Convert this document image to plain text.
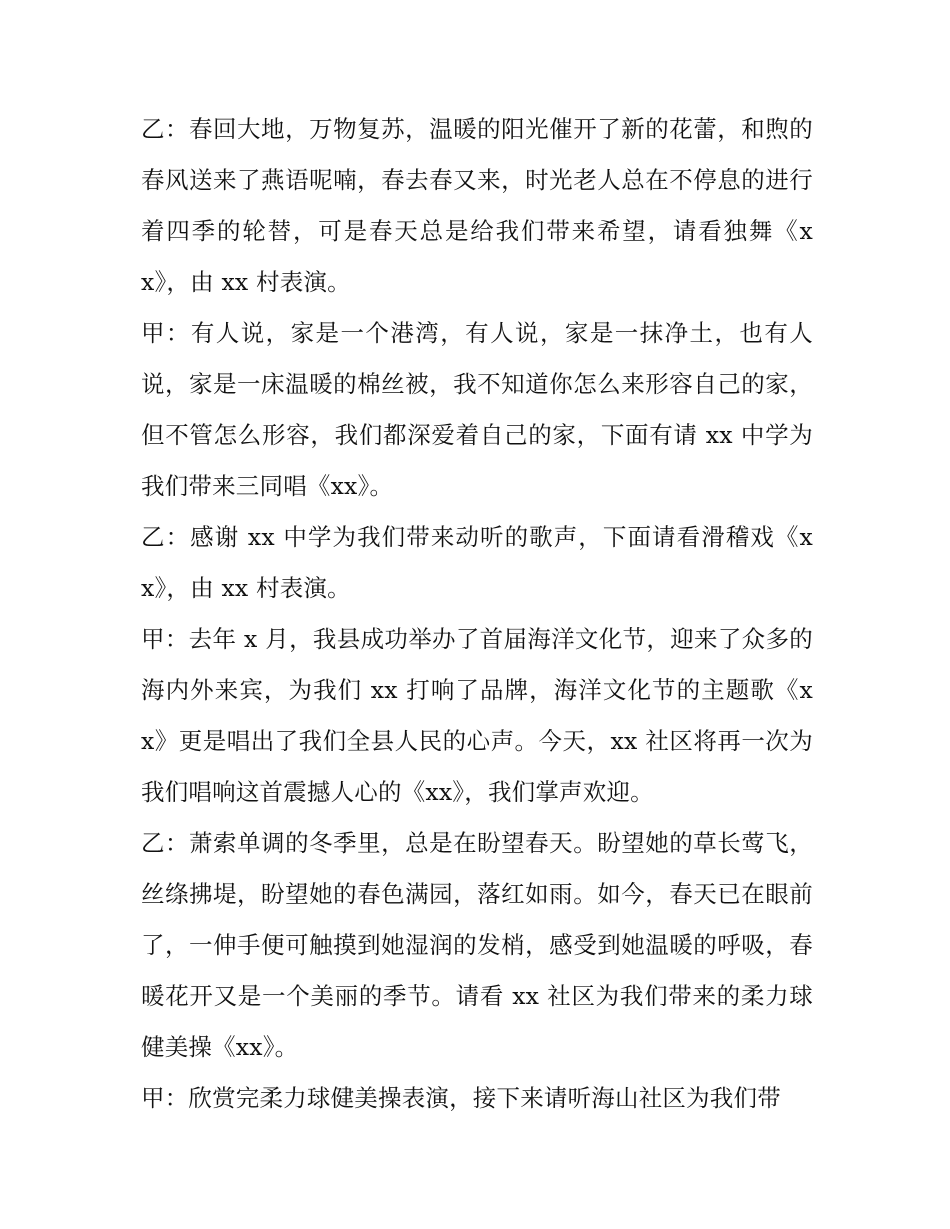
乙：春回大地，万物复苏，温暖的阳光催开了新的花蕾，和煦的春风送来了燕语呢喃，春去春又来，时光老人总在不停息的进行着四季的轮替，可是春天总是给我们带来希望，请看独舞《xx》，由 xx 村表演。

甲：有人说，家是一个港湾，有人说，家是一抹净土，也有人说，家是一床温暖的棉丝被，我不知道你怎么来形容自己的家，但不管怎么形容，我们都深爱着自己的家，下面有请 xx 中学为我们带来三同唱《xx》。

乙：感谢 xx 中学为我们带来动听的歌声，下面请看滑稽戏《xx》，由 xx 村表演。

甲：去年 x 月，我县成功举办了首届海洋文化节，迎来了众多的海内外来宾，为我们 xx 打响了品牌，海洋文化节的主题歌《xx》更是唱出了我们全县人民的心声。今天，xx 社区将再一次为我们唱响这首震撼人心的《xx》，我们掌声欢迎。

乙：萧索单调的冬季里，总是在盼望春天。盼望她的草长莺飞，丝绦拂堤，盼望她的春色满园，落红如雨。如今，春天已在眼前了，一伸手便可触摸到她湿润的发梢，感受到她温暖的呼吸，春暖花开又是一个美丽的季节。请看 xx 社区为我们带来的柔力球健美操《xx》。

甲：欣赏完柔力球健美操表演，接下来请听海山社区为我们带
